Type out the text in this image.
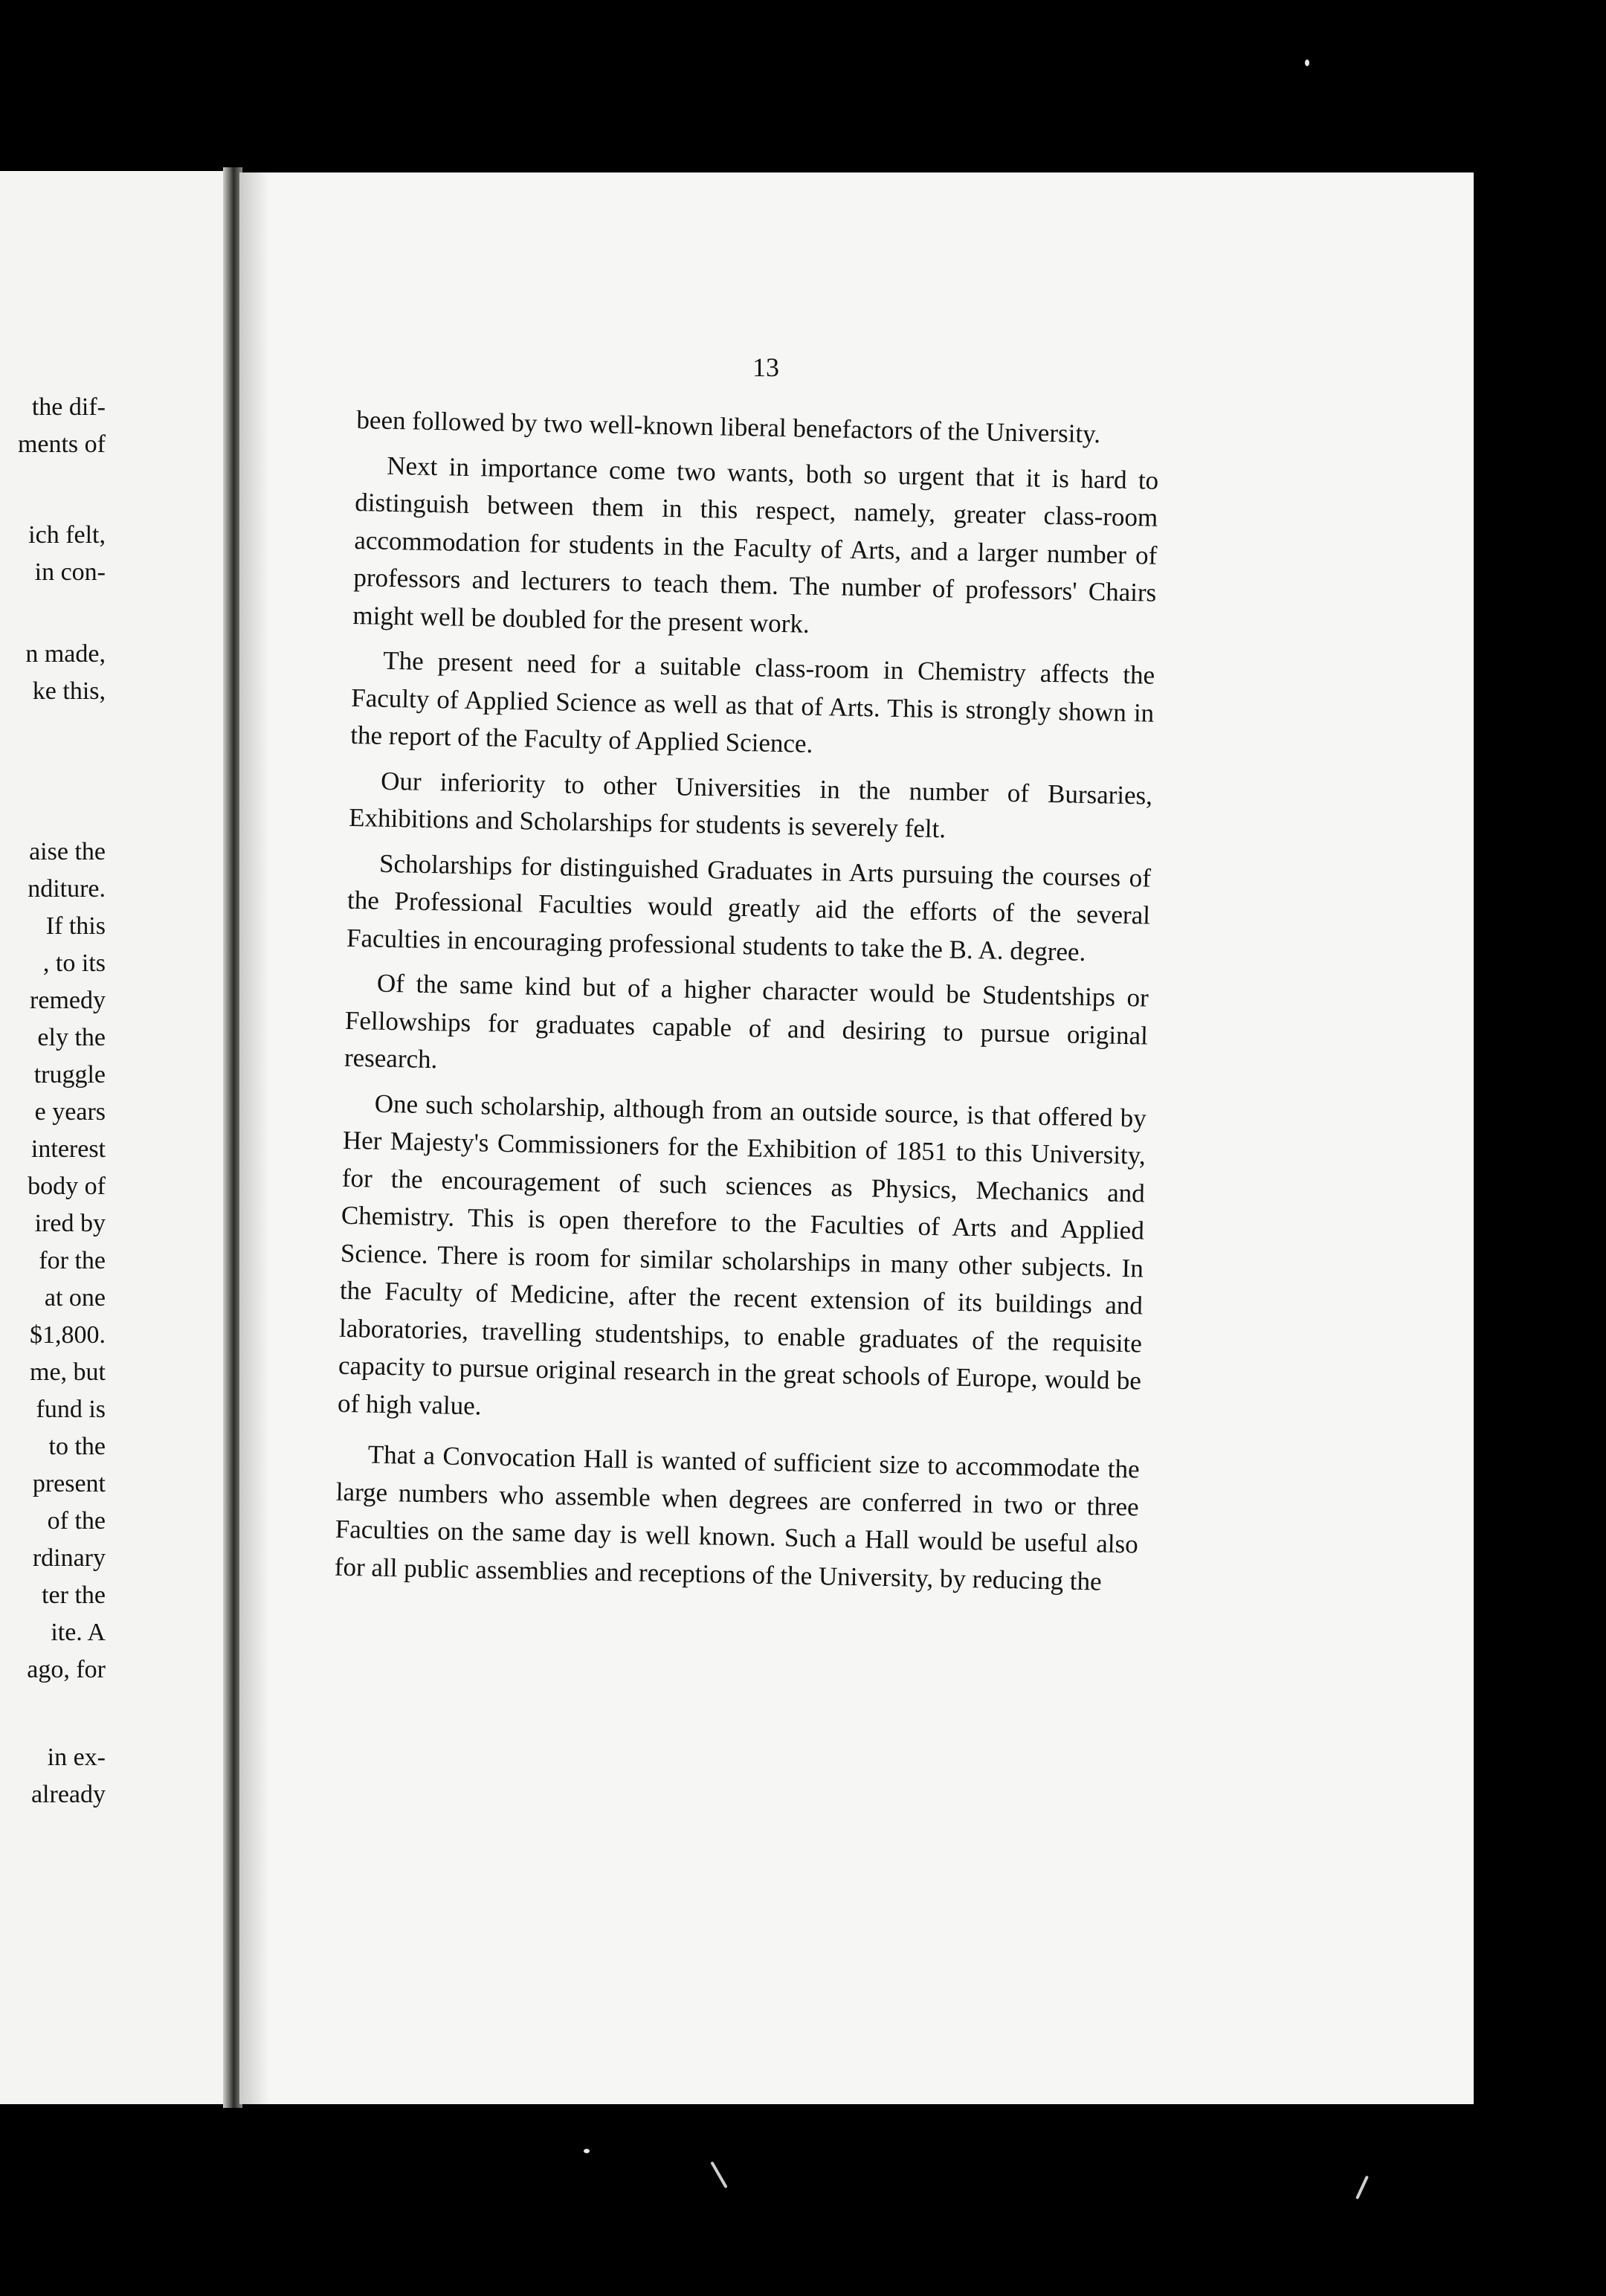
the dif-
ments of
ich felt,
in con-
n made,
ke this,
aise the
nditure.
If this
, to its
remedy
ely the
truggle
e years
interest
body of
ired by
for the
at one
$1,800.
me, but
fund is
to the
present
of the
rdinary
ter the
ite. A
ago, for
in ex-
already
13

been followed by two well-known liberal benefactors of the University.

Next in importance come two wants, both so urgent that it is hard to distinguish between them in this respect, namely, greater class-room accommodation for students in the Faculty of Arts, and a larger number of professors and lecturers to teach them. The number of professors' Chairs might well be doubled for the present work.

The present need for a suitable class-room in Chemistry affects the Faculty of Applied Science as well as that of Arts. This is strongly shown in the report of the Faculty of Applied Science.

Our inferiority to other Universities in the number of Bursaries, Exhibitions and Scholarships for students is severely felt.

Scholarships for distinguished Graduates in Arts pursuing the courses of the Professional Faculties would greatly aid the efforts of the several Faculties in encouraging professional students to take the B. A. degree.

Of the same kind but of a higher character would be Studentships or Fellowships for graduates capable of and desiring to pursue original research.

One such scholarship, although from an outside source, is that offered by Her Majesty's Commissioners for the Exhibition of 1851 to this University, for the encouragement of such sciences as Physics, Mechanics and Chemistry. This is open therefore to the Faculties of Arts and Applied Science. There is room for similar scholarships in many other subjects. In the Faculty of Medicine, after the recent extension of its buildings and laboratories, travelling studentships, to enable graduates of the requisite capacity to pursue original research in the great schools of Europe, would be of high value.

That a Convocation Hall is wanted of sufficient size to accommodate the large numbers who assemble when degrees are conferred in two or three Faculties on the same day is well known. Such a Hall would be useful also for all public assemblies and receptions of the University, by reducing the
